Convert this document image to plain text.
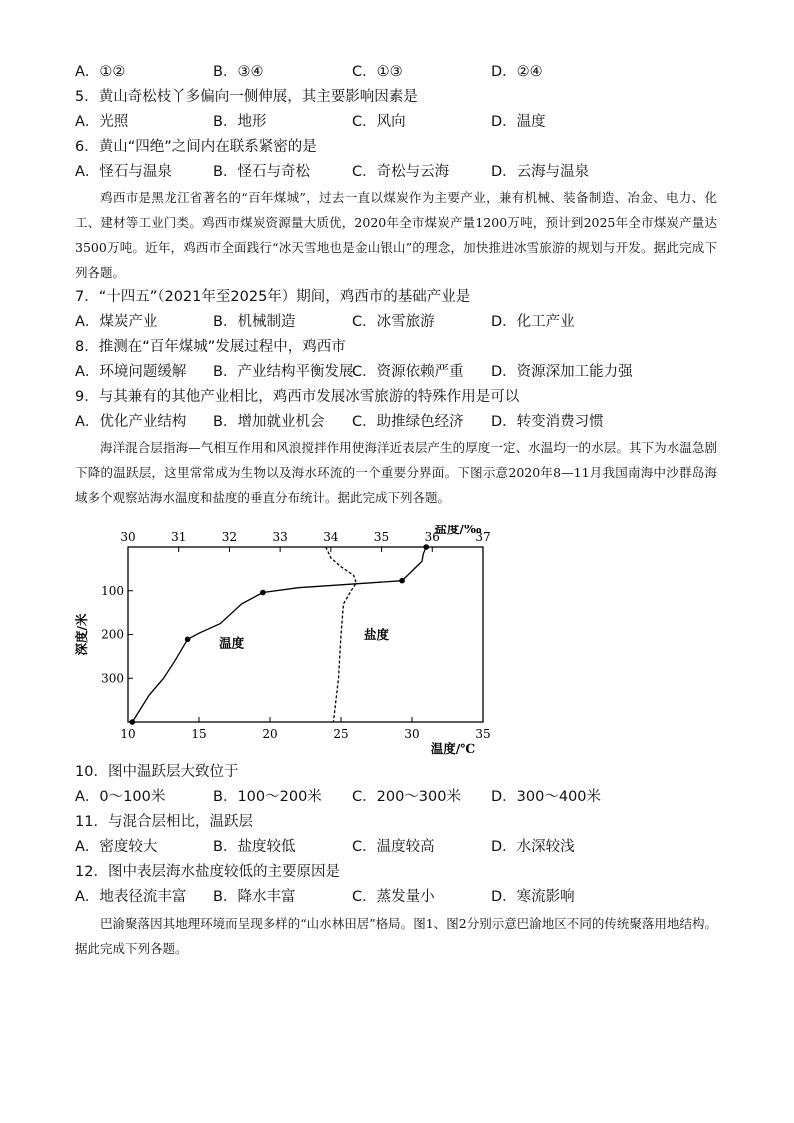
A．①②	B．③④	C．①③	D．②④
5．黄山奇松枝丫多偏向一侧伸展，其主要影响因素是
A．光照	B．地形	C．风向	D．温度
6．黄山“四绝”之间内在联系紧密的是
A．怪石与温泉	B．怪石与奇松	C．奇松与云海	D．云海与温泉

鸡西市是黑龙江省著名的“百年煤城”，过去一直以煤炭作为主要产业，兼有机械、装备制造、冶金、电力、化工、建材等工业门类。鸡西市煤炭资源量大质优，2020年全市煤炭产量1200万吨，预计到2025年全市煤炭产量达3500万吨。近年，鸡西市全面践行“冰天雪地也是金山银山”的理念，加快推进冰雪旅游的规划与开发。据此完成下列各题。

7．“十四五”（2021年至2025年）期间，鸡西市的基础产业是
A．煤炭产业	B．机械制造	C．冰雪旅游	D．化工产业
8．推测在“百年煤城”发展过程中，鸡西市
A．环境问题缓解 B．产业结构平衡发展
C．资源依赖严重 D．资源深加工能力强
9．与其兼有的其他产业相比，鸡西市发展冰雪旅游的特殊作用是可以
A．优化产业结构 B．增加就业机会 C．助推绿色经济 D．转变消费习惯

海洋混合层指海—气相互作用和风浪搅拌作用使海洋近表层产生的厚度一定、水温均一的水层。其下为水温急剧下降的温跃层，这里常常成为生物以及海水环流的一个重要分界面。下图示意2020年8—11月我国南海中沙群岛海域多个观察站海水温度和盐度的垂直分布统计。据此完成下列各题。

30	31	32	33	34	35	36	37
盐度/‰
10	15	20	25	30	35
温度/℃
100
200
300
深度/米	温度
盐度
10．图中温跃层大致位于
A．0～100米	B．100～200米 C．200～300米 D．300～400米
11．与混合层相比，温跃层
A．密度较大	B．盐度较低	C．温度较高	D．水深较浅
12．图中表层海水盐度较低的主要原因是
A．地表径流丰富 B．降水丰富	C．蒸发量小	D．寒流影响

巴渝聚落因其地理环境而呈现多样的“山水林田居”格局。图1、图2分别示意巴渝地区不同的传统聚落用地结构。据此完成下列各题。
